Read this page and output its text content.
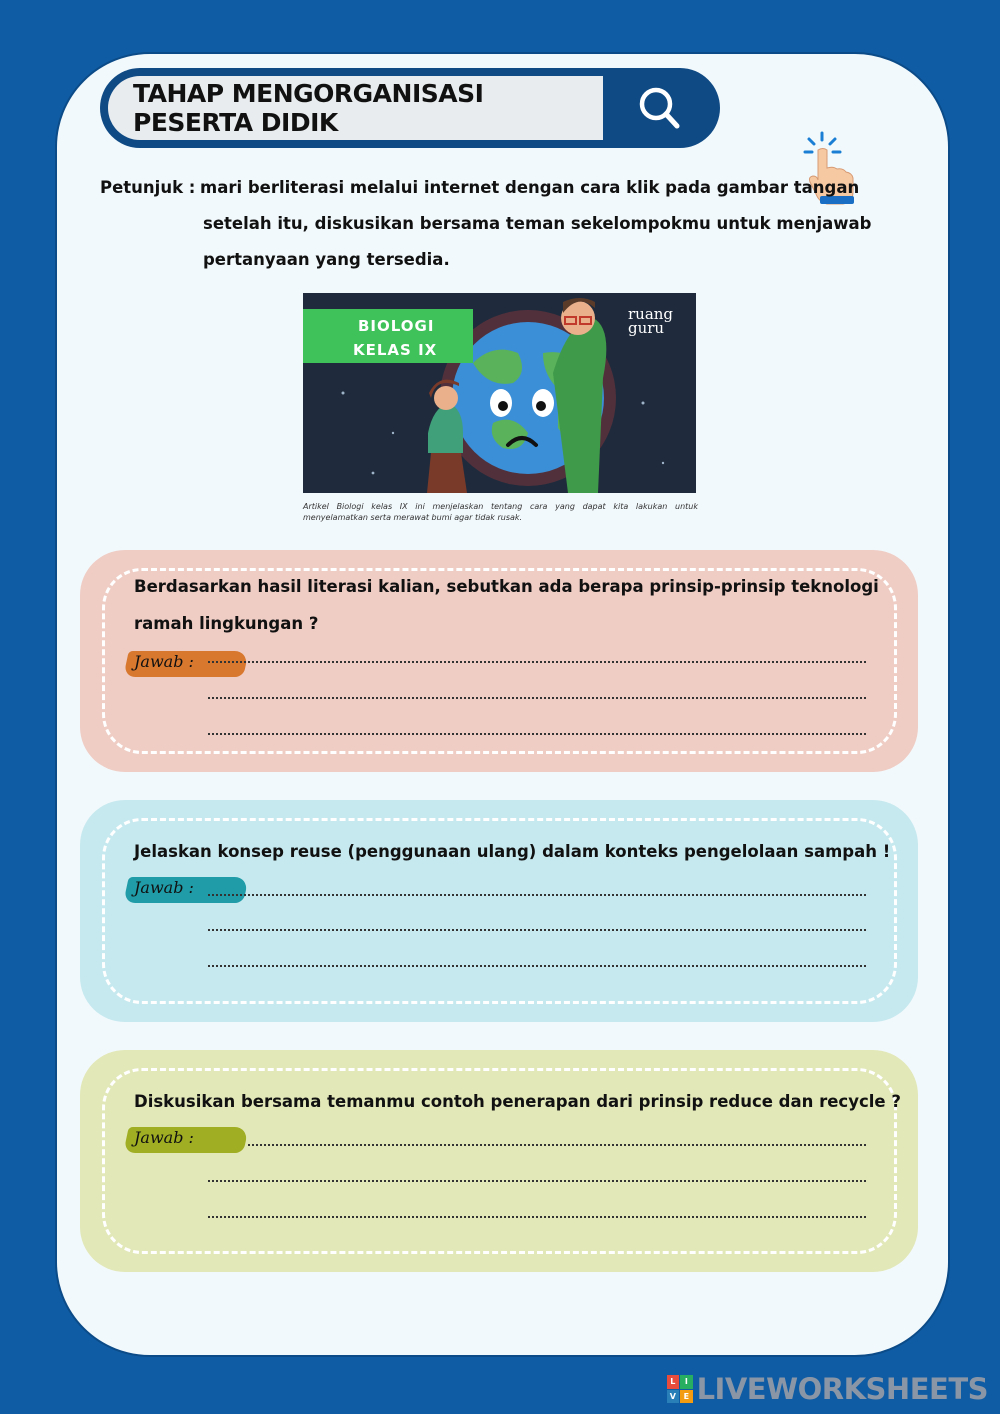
TAHAP MENGORGANISASI PESERTA DIDIK
Petunjuk : mari berliterasi melalui internet dengan cara klik pada gambar tangan
setelah itu, diskusikan bersama teman sekelompokmu untuk menjawab
pertanyaan yang tersedia.
BIOLOGI
KELAS IX
ruang
guru
Artikel Biologi kelas IX ini menjelaskan tentang cara yang dapat kita lakukan untuk menyelamatkan serta merawat bumi agar tidak rusak.
Berdasarkan hasil literasi kalian, sebutkan ada berapa prinsip-prinsip teknologi
ramah lingkungan ?
Jawab :
Jelaskan konsep reuse (penggunaan ulang) dalam konteks pengelolaan sampah !
Jawab :
Diskusikan bersama temanmu contoh penerapan dari prinsip reduce dan recycle ?
Jawab :
L	I
V E LIVEWORKSHEETS
